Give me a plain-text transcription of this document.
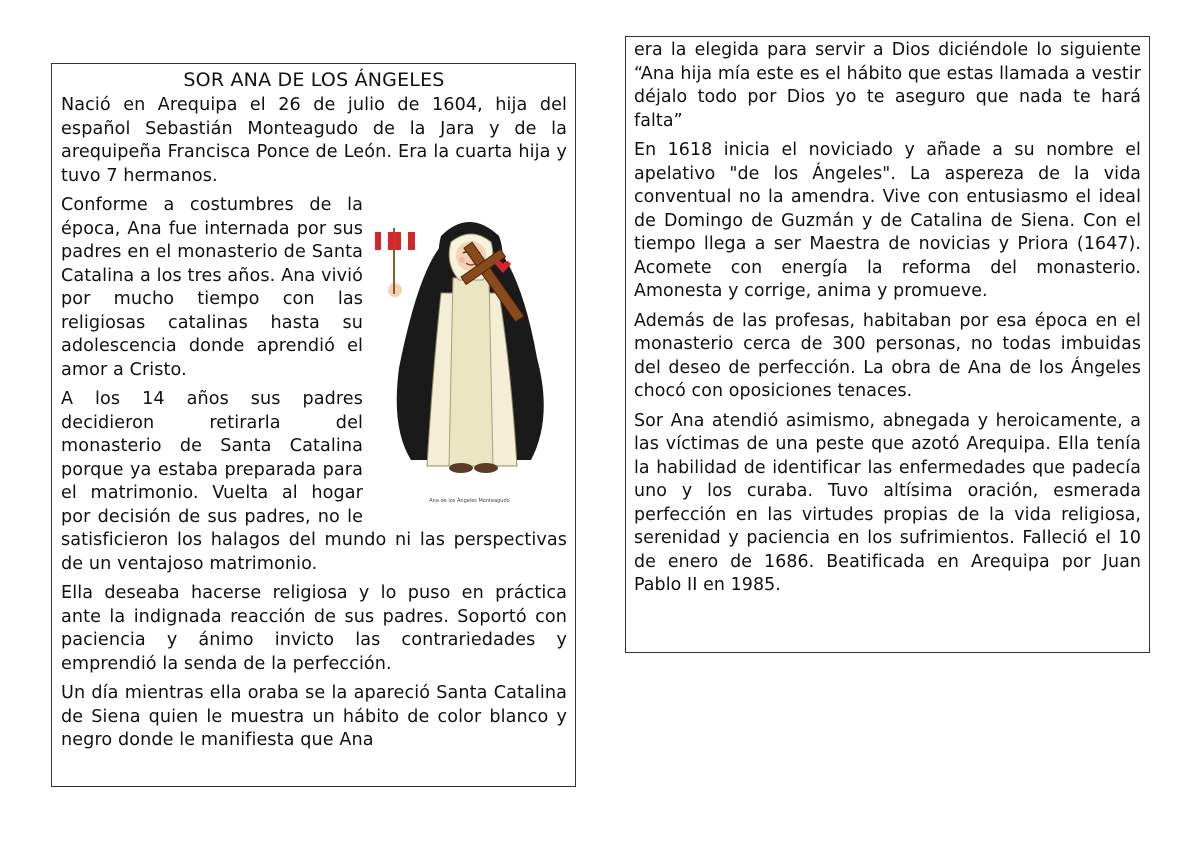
SOR ANA DE LOS ÁNGELES

Nació en Arequipa el 26 de julio de 1604, hija del español Sebastián Monteagudo de la Jara y de la arequipeña Francisca Ponce de León. Era la cuarta hija y tuvo 7 hermanos.

Ana de los Ángeles Monteagudo

Conforme a costumbres de la época, Ana fue internada por sus padres en el monasterio de Santa Catalina a los tres años. Ana vivió por mucho tiempo con las religiosas catalinas hasta su adolescencia donde aprendió el amor a Cristo.

A los 14 años sus padres decidieron retirarla del monasterio de Santa Catalina porque ya estaba preparada para el matrimonio. Vuelta al hogar por decisión de sus padres, no le satisficieron los halagos del mundo ni las perspectivas de un ventajoso matrimonio.

Ella deseaba hacerse religiosa y lo puso en práctica ante la indignada reacción de sus padres. Soportó con paciencia y ánimo invicto las contrariedades y emprendió la senda de la perfección.

Un día mientras ella oraba se la apareció Santa Catalina de Siena quien le muestra un hábito de color blanco y negro donde le manifiesta que Ana

era la elegida para servir a Dios diciéndole lo siguiente “Ana hija mía este es el hábito que estas llamada a vestir déjalo todo por Dios yo te aseguro que nada te hará falta”

En 1618 inicia el noviciado y añade a su nombre el apelativo "de los Ángeles". La aspereza de la vida conventual no la amendra. Vive con entusiasmo el ideal de Domingo de Guzmán y de Catalina de Siena. Con el tiempo llega a ser Maestra de novicias y Priora (1647). Acomete con energía la reforma del monasterio. Amonesta y corrige, anima y promueve.

Además de las profesas, habitaban por esa época en el monasterio cerca de 300 personas, no todas imbuidas del deseo de perfección. La obra de Ana de los Ángeles chocó con oposiciones tenaces.

Sor Ana atendió asimismo, abnegada y heroicamente, a las víctimas de una peste que azotó Arequipa. Ella tenía la habilidad de identificar las enfermedades que padecía uno y los curaba. Tuvo altísima oración, esmerada perfección en las virtudes propias de la vida religiosa, serenidad y paciencia en los sufrimientos. Falleció el 10 de enero de 1686. Beatificada en Arequipa por Juan Pablo II en 1985.
